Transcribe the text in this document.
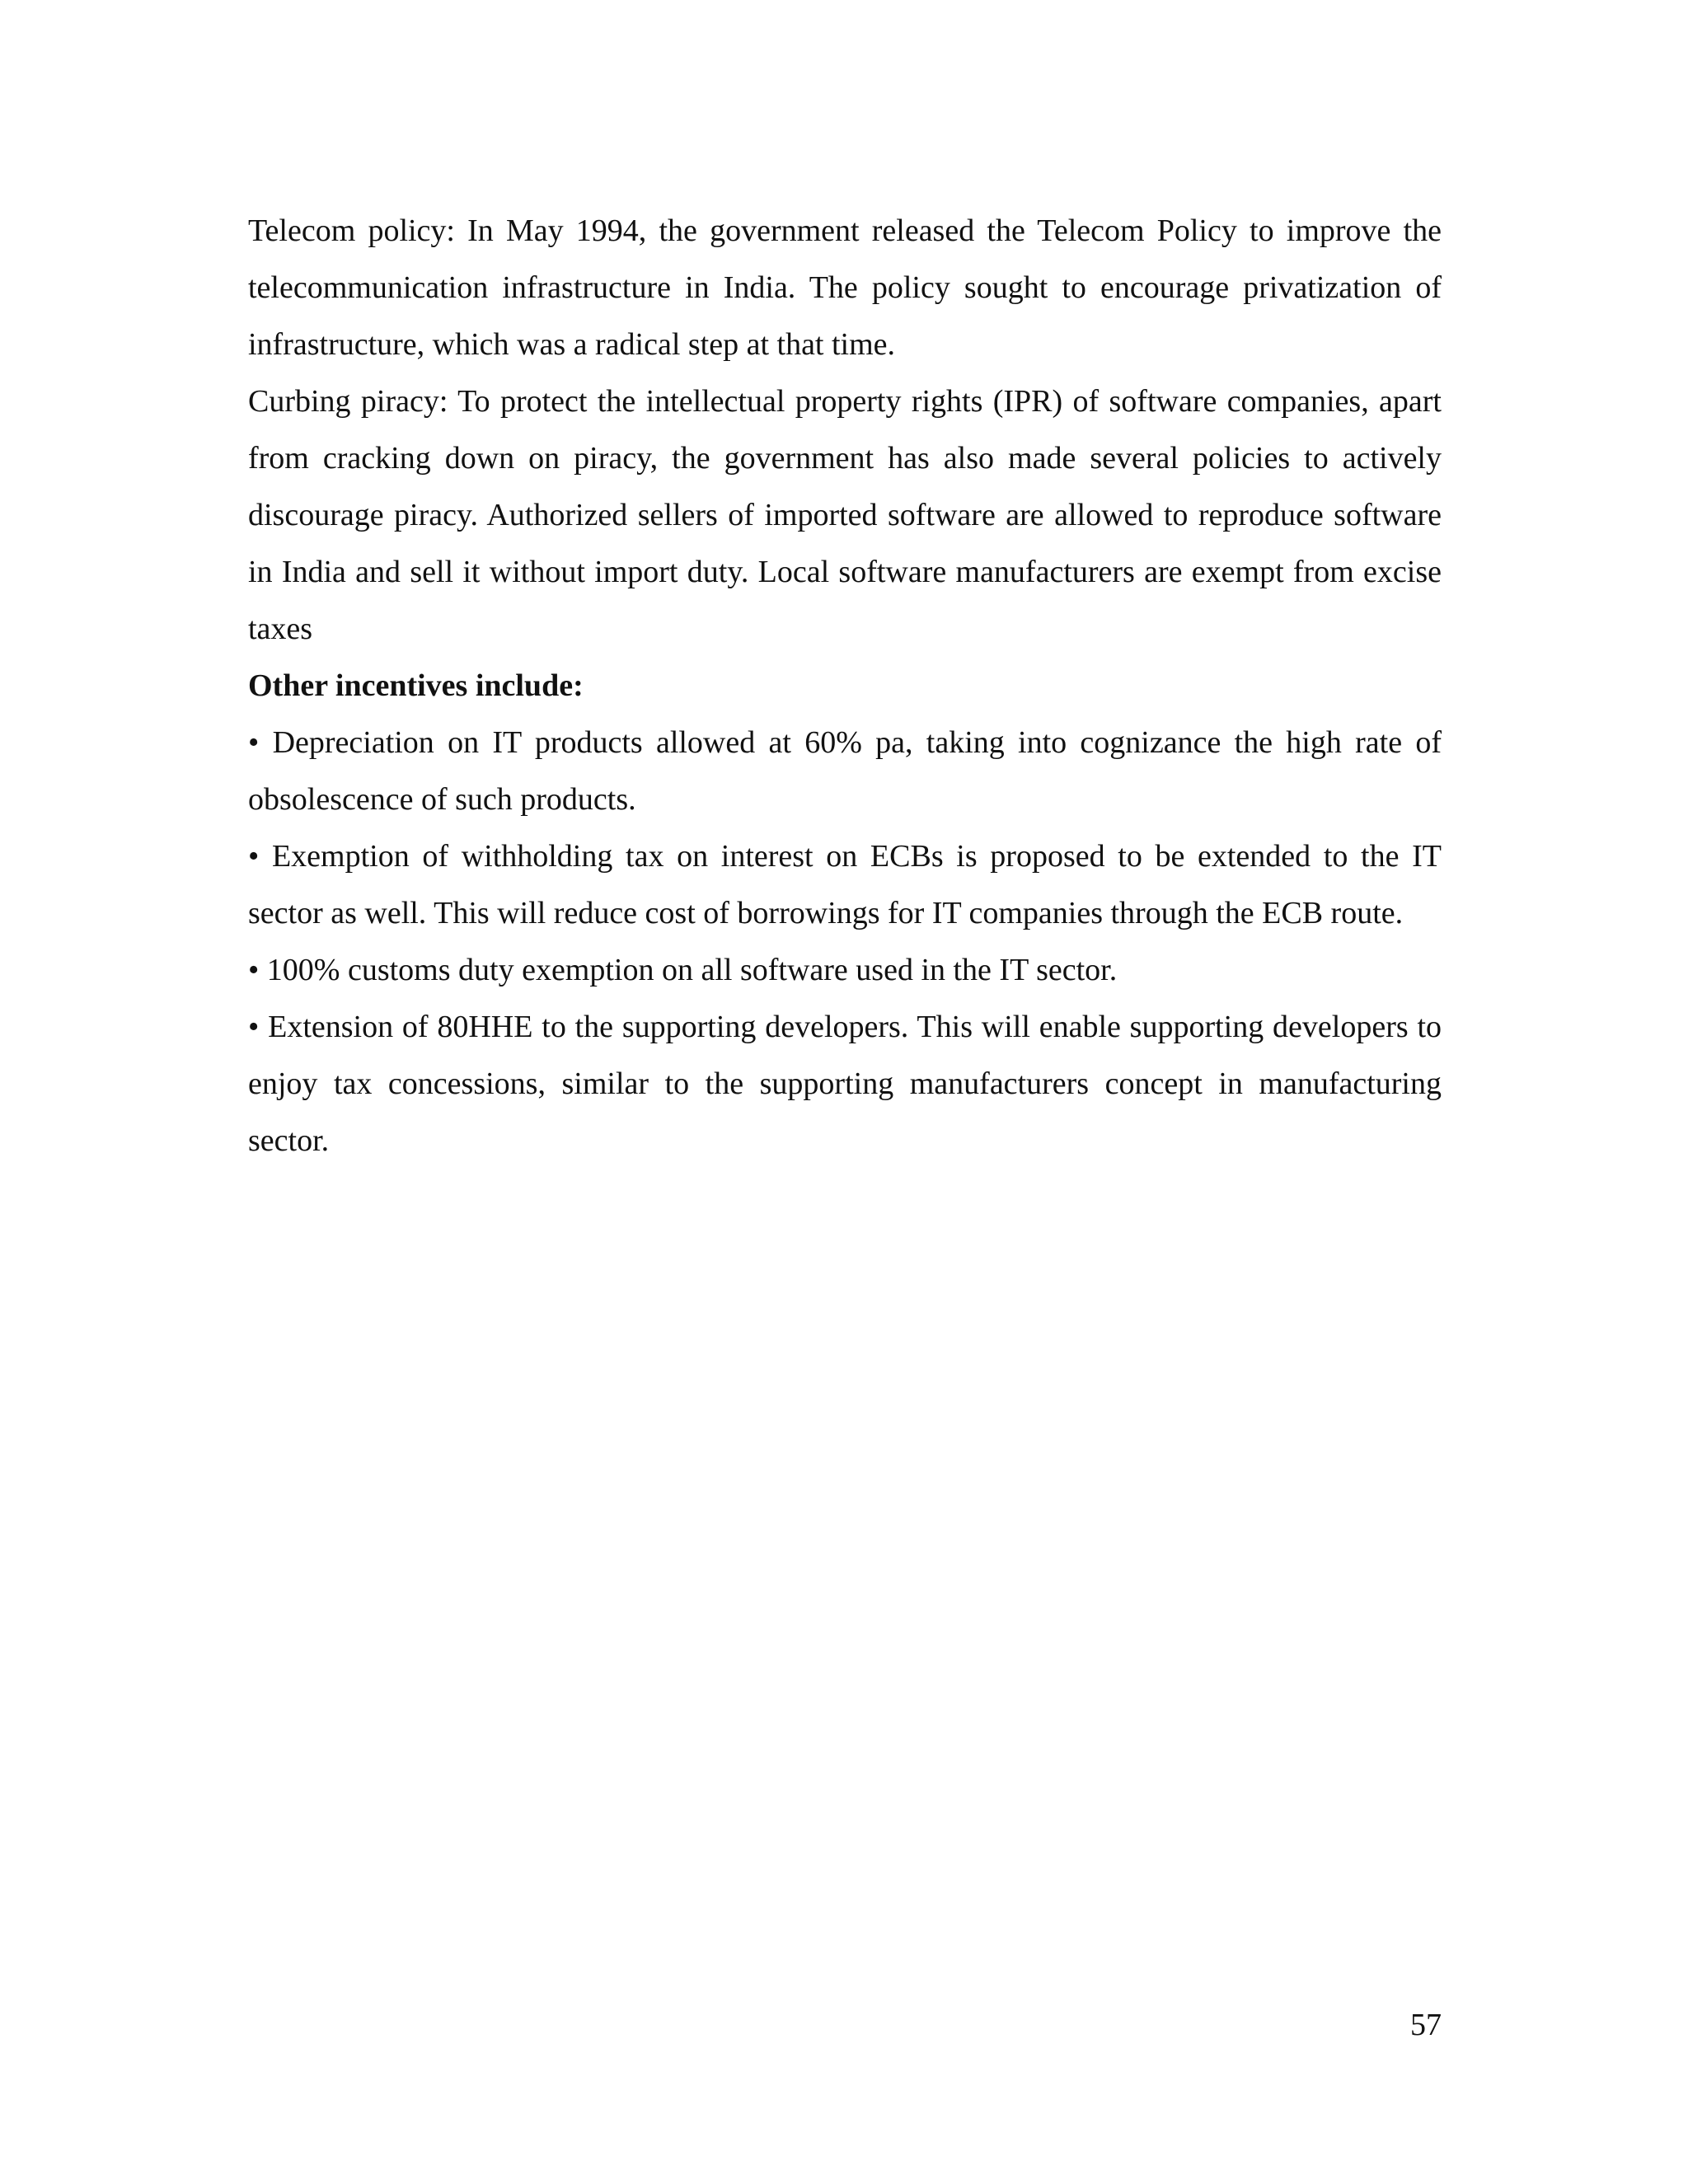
Telecom policy: In May 1994, the government released the Telecom Policy to improve the telecommunication infrastructure in India. The policy sought to encourage privatization of infrastructure, which was a radical step at that time.

Curbing piracy: To protect the intellectual property rights (IPR) of software companies, apart from cracking down on piracy, the government has also made several policies to actively discourage piracy. Authorized sellers of imported software are allowed to reproduce software in India and sell it without import duty. Local software manufacturers are exempt from excise taxes

Other incentives include:

• Depreciation on IT products allowed at 60% pa, taking into cognizance the high rate of obsolescence of such products.

• Exemption of withholding tax on interest on ECBs is proposed to be extended to the IT sector as well. This will reduce cost of borrowings for IT companies through the ECB route.

• 100% customs duty exemption on all software used in the IT sector.

• Extension of 80HHE to the supporting developers. This will enable supporting developers to enjoy tax concessions, similar to the supporting manufacturers concept in manufacturing sector.

57
